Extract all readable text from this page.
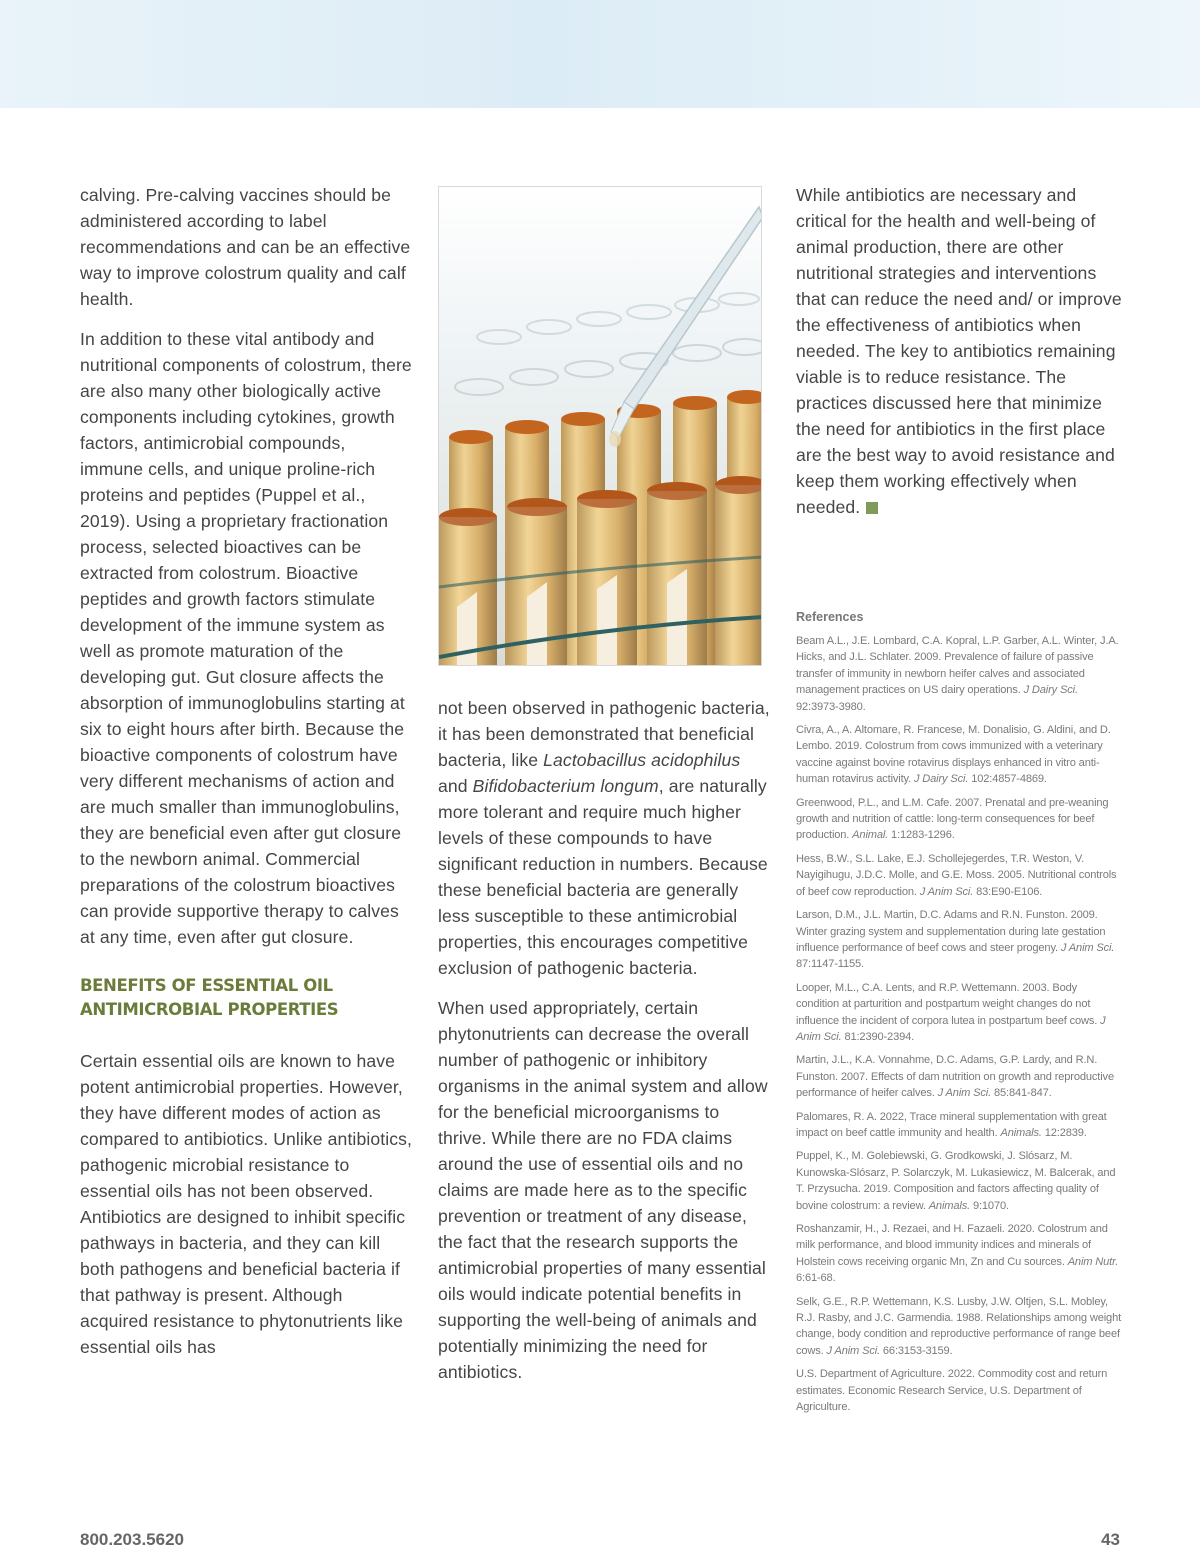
calving. Pre-calving vaccines should be administered according to label recommendations and can be an effective way to improve colostrum quality and calf health.

In addition to these vital antibody and nutritional components of colostrum, there are also many other biologically active components including cytokines, growth factors, antimicrobial compounds, immune cells, and unique proline-rich proteins and peptides (Puppel et al., 2019). Using a proprietary fractionation process, selected bioactives can be extracted from colostrum. Bioactive peptides and growth factors stimulate development of the immune system as well as promote maturation of the developing gut. Gut closure affects the absorption of immunoglobulins starting at six to eight hours after birth. Because the bioactive components of colostrum have very different mechanisms of action and are much smaller than immunoglobulins, they are beneficial even after gut closure to the newborn animal. Commercial preparations of the colostrum bioactives can provide supportive therapy to calves at any time, even after gut closure.

BENEFITS OF ESSENTIAL OIL
ANTIMICROBIAL PROPERTIES

Certain essential oils are known to have potent antimicrobial properties. However, they have different modes of action as compared to antibiotics. Unlike antibiotics, pathogenic microbial resistance to essential oils has not been observed. Antibiotics are designed to inhibit specific pathways in bacteria, and they can kill both pathogens and beneficial bacteria if that pathway is present. Although acquired resistance to phytonutrients like essential oils has

not been observed in pathogenic bacteria, it has been demonstrated that beneficial bacteria, like Lactobacillus acidophilus and Bifidobacterium longum, are naturally more tolerant and require much higher levels of these compounds to have significant reduction in numbers. Because these beneficial bacteria are generally less susceptible to these antimicrobial properties, this encourages competitive exclusion of pathogenic bacteria.

When used appropriately, certain phytonutrients can decrease the overall number of pathogenic or inhibitory organisms in the animal system and allow for the beneficial microorganisms to thrive. While there are no FDA claims around the use of essential oils and no claims are made here as to the specific prevention or treatment of any disease, the fact that the research supports the antimicrobial properties of many essential oils would indicate potential benefits in supporting the well-being of animals and potentially minimizing the need for antibiotics.

While antibiotics are necessary and critical for the health and well-being of animal production, there are other nutritional strategies and interventions that can reduce the need and/ or improve the effectiveness of antibiotics when needed. The key to antibiotics remaining viable is to reduce resistance. The practices discussed here that minimize the need for antibiotics in the first place are the best way to avoid resistance and keep them working effectively when needed.

References
Beam A.L., J.E. Lombard, C.A. Kopral, L.P. Garber, A.L. Winter, J.A. Hicks, and J.L. Schlater. 2009. Prevalence of failure of passive transfer of immunity in newborn heifer calves and associated management practices on US dairy operations. J Dairy Sci. 92:3973-3980.
Civra, A., A. Altomare, R. Francese, M. Donalisio, G. Aldini, and D. Lembo. 2019. Colostrum from cows immunized with a veterinary vaccine against bovine rotavirus displays enhanced in vitro anti-human rotavirus activity. J Dairy Sci. 102:4857-4869.
Greenwood, P.L., and L.M. Cafe. 2007. Prenatal and pre-weaning growth and nutrition of cattle: long-term consequences for beef production. Animal. 1:1283-1296.
Hess, B.W., S.L. Lake, E.J. Schollejegerdes, T.R. Weston, V. Nayigihugu, J.D.C. Molle, and G.E. Moss. 2005. Nutritional controls of beef cow reproduction. J Anim Sci. 83:E90-E106.
Larson, D.M., J.L. Martin, D.C. Adams and R.N. Funston. 2009. Winter grazing system and supplementation during late gestation influence performance of beef cows and steer progeny. J Anim Sci. 87:1147-1155.
Looper, M.L., C.A. Lents, and R.P. Wettemann. 2003. Body condition at parturition and postpartum weight changes do not influence the incident of corpora lutea in postpartum beef cows. J Anim Sci. 81:2390-2394.
Martin, J.L., K.A. Vonnahme, D.C. Adams, G.P. Lardy, and R.N. Funston. 2007. Effects of dam nutrition on growth and reproductive performance of heifer calves. J Anim Sci. 85:841-847.
Palomares, R. A. 2022, Trace mineral supplementation with great impact on beef cattle immunity and health. Animals. 12:2839.
Puppel, K., M. Golebiewski, G. Grodkowski, J. Slósarz, M. Kunowska-Slósarz, P. Solarczyk, M. Lukasiewicz, M. Balcerak, and T. Przysucha. 2019. Composition and factors affecting quality of bovine colostrum: a review. Animals. 9:1070.
Roshanzamir, H., J. Rezaei, and H. Fazaeli. 2020. Colostrum and milk performance, and blood immunity indices and minerals of Holstein cows receiving organic Mn, Zn and Cu sources. Anim Nutr. 6:61-68.
Selk, G.E., R.P. Wettemann, K.S. Lusby, J.W. Oltjen, S.L. Mobley, R.J. Rasby, and J.C. Garmendia. 1988. Relationships among weight change, body condition and reproductive performance of range beef cows. J Anim Sci. 66:3153-3159.
U.S. Department of Agriculture. 2022. Commodity cost and return estimates. Economic Research Service, U.S. Department of Agriculture.
800.203.5620	43
